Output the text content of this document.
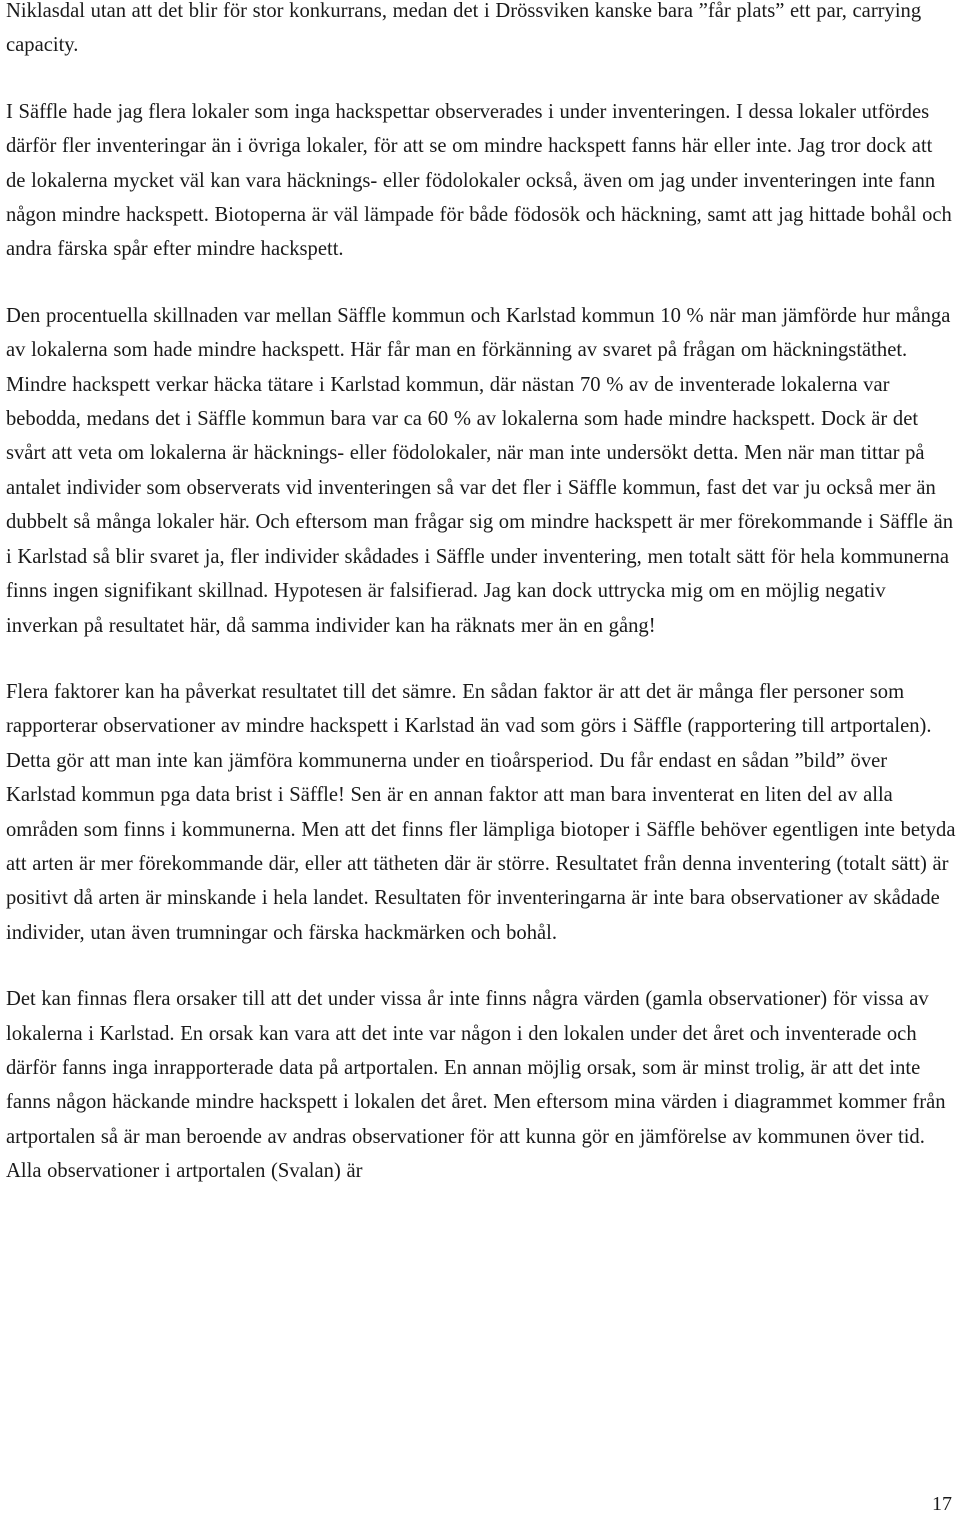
Niklasdal utan att det blir för stor konkurrans, medan det i Drössviken kanske bara ”får plats” ett par, carrying capacity.

I Säffle hade jag flera lokaler som inga hackspettar observerades i under inventeringen. I dessa lokaler utfördes därför fler inventeringar än i övriga lokaler, för att se om mindre hackspett fanns här eller inte. Jag tror dock att de lokalerna mycket väl kan vara häcknings- eller födolokaler också, även om jag under inventeringen inte fann någon mindre hackspett. Biotoperna är väl lämpade för både födosök och häckning, samt att jag hittade bohål och andra färska spår efter mindre hackspett.

Den procentuella skillnaden var mellan Säffle kommun och Karlstad kommun 10 % när man jämförde hur många av lokalerna som hade mindre hackspett. Här får man en förkänning av svaret på frågan om häckningstäthet. Mindre hackspett verkar häcka tätare i Karlstad kommun, där nästan 70 % av de inventerade lokalerna var bebodda, medans det i Säffle kommun bara var ca 60 % av lokalerna som hade mindre hackspett. Dock är det svårt att veta om lokalerna är häcknings- eller födolokaler, när man inte undersökt detta. Men när man tittar på antalet individer som observerats vid inventeringen så var det fler i Säffle kommun, fast det var ju också mer än dubbelt så många lokaler här. Och eftersom man frågar sig om mindre hackspett är mer förekommande i Säffle än i Karlstad så blir svaret ja, fler individer skådades i Säffle under inventering, men totalt sätt för hela kommunerna finns ingen signifikant skillnad. Hypotesen är falsifierad. Jag kan dock uttrycka mig om en möjlig negativ inverkan på resultatet här, då samma individer kan ha räknats mer än en gång!

Flera faktorer kan ha påverkat resultatet till det sämre. En sådan faktor är att det är många fler personer som rapporterar observationer av mindre hackspett i Karlstad än vad som görs i Säffle (rapportering till artportalen). Detta gör att man inte kan jämföra kommunerna under en tioårsperiod. Du får endast en sådan ”bild” över Karlstad kommun pga data brist i Säffle! Sen är en annan faktor att man bara inventerat en liten del av alla områden som finns i kommunerna. Men att det finns fler lämpliga biotoper i Säffle behöver egentligen inte betyda att arten är mer förekommande där, eller att tätheten där är större. Resultatet från denna inventering (totalt sätt) är positivt då arten är minskande i hela landet. Resultaten för inventeringarna är inte bara observationer av skådade individer, utan även trumningar och färska hackmärken och bohål.

Det kan finnas flera orsaker till att det under vissa år inte finns några värden (gamla observationer) för vissa av lokalerna i Karlstad. En orsak kan vara att det inte var någon i den lokalen under det året och inventerade och därför fanns inga inrapporterade data på artportalen. En annan möjlig orsak, som är minst trolig, är att det inte fanns någon häckande mindre hackspett i lokalen det året. Men eftersom mina värden i diagrammet kommer från artportalen så är man beroende av andras observationer för att kunna gör en jämförelse av kommunen över tid. Alla observationer i artportalen (Svalan) är

17
